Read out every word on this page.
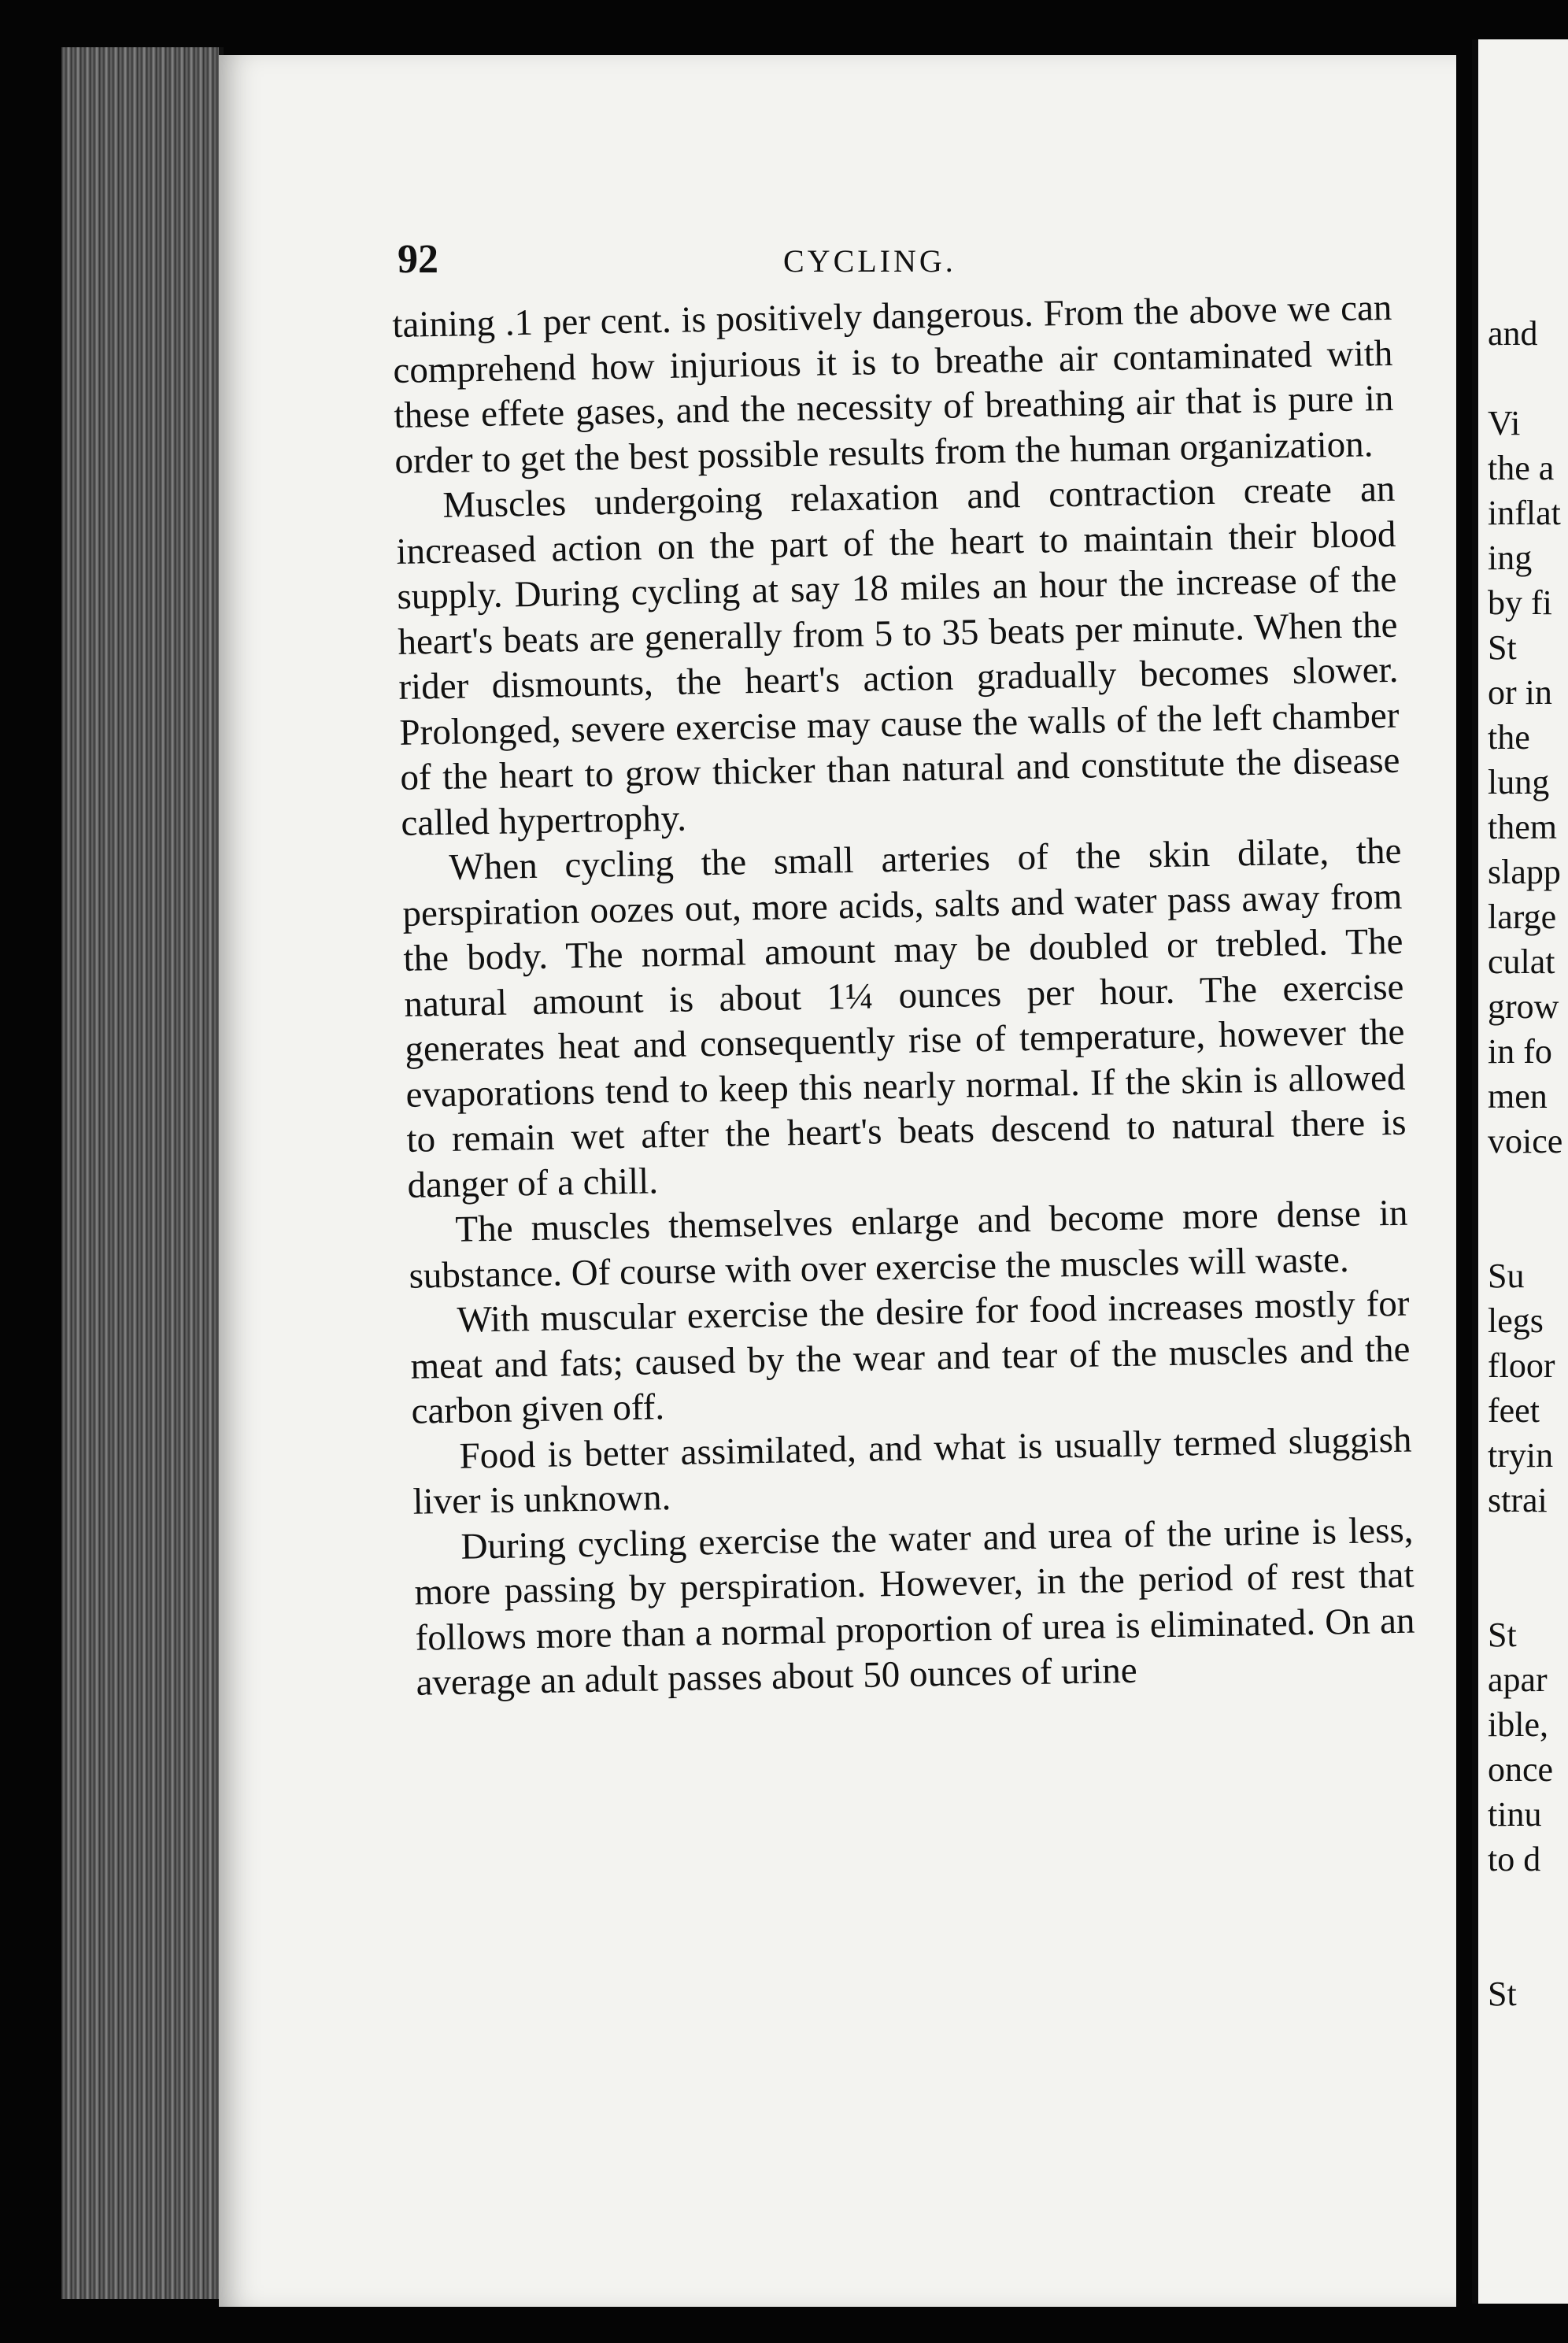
92	CYCLING.

taining .1 per cent. is positively dangerous. From the above we can comprehend how injurious it is to breathe air contaminated with these effete gases, and the necessity of breathing air that is pure in order to get the best possible results from the human organization.

Muscles undergoing relaxation and contraction create an increased action on the part of the heart to maintain their blood supply. During cycling at say 18 miles an hour the increase of the heart's beats are generally from 5 to 35 beats per minute. When the rider dismounts, the heart's action gradually becomes slower. Prolonged, severe exercise may cause the walls of the left chamber of the heart to grow thicker than natural and constitute the disease called hypertrophy.

When cycling the small arteries of the skin dilate, the perspiration oozes out, more acids, salts and water pass away from the body. The normal amount may be doubled or trebled. The natural amount is about 1¼ ounces per hour. The exercise generates heat and consequently rise of temperature, however the evaporations tend to keep this nearly normal. If the skin is allowed to remain wet after the heart's beats descend to natural there is danger of a chill.

The muscles themselves enlarge and become more dense in substance. Of course with over exercise the muscles will waste.

With muscular exercise the desire for food increases mostly for meat and fats; caused by the wear and tear of the muscles and the carbon given off.

Food is better assimilated, and what is usually termed sluggish liver is unknown.

During cycling exercise the water and urea of the urine is less, more passing by perspiration. However, in the period of rest that follows more than a normal proportion of urea is eliminated. On an average an adult passes about 50 ounces of urine

and
Vi
the a
inflat
ing
by fi
St
or in
the
lung
them
slapp
large
culat
grow
in fo
men
voice
Su
legs
floor
feet
tryin
strai
St
apar
ible,
once
tinu
to d
St
